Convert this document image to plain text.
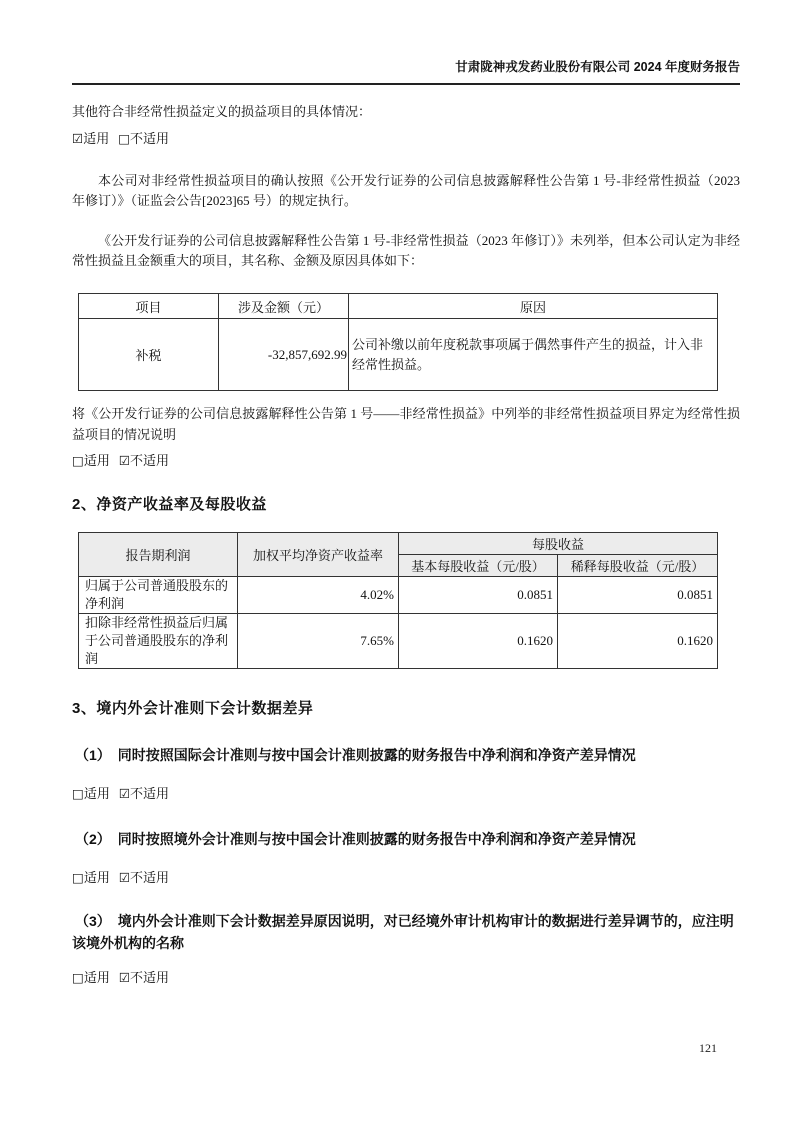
甘肃陇神戎发药业股份有限公司 2024 年度财务报告
其他符合非经常性损益定义的损益项目的具体情况：
☑适用 □不适用
本公司对非经常性损益项目的确认按照《公开发行证券的公司信息披露解释性公告第 1 号-非经常性损益（2023 年修订）》（证监会公告[2023]65 号）的规定执行。
《公开发行证券的公司信息披露解释性公告第 1 号-非经常性损益（2023 年修订）》未列举，但本公司认定为非经常性损益且金额重大的项目，其名称、金额及原因具体如下：
项目	涉及金额（元）	原因
补税	-32,857,692.99	公司补缴以前年度税款事项属于偶然事件产生的损益，计入非经常性损益。
将《公开发行证券的公司信息披露解释性公告第 1 号——非经常性损益》中列举的非经常性损益项目界定为经常性损益项目的情况说明
□适用 ☑不适用
2、净资产收益率及每股收益
报告期利润	加权平均净资产收益率	每股收益	
		基本每股收益（元/股）	稀释每股收益（元/股）
归属于公司普通股股东的净利润	4.02%	0.0851	0.0851
扣除非经常性损益后归属于公司普通股股东的净利润	7.65%	0.1620	0.1620
3、境内外会计准则下会计数据差异
（1）　同时按照国际会计准则与按中国会计准则披露的财务报告中净利润和净资产差异情况
□适用 ☑不适用
（2）　同时按照境外会计准则与按中国会计准则披露的财务报告中净利润和净资产差异情况
□适用 ☑不适用
（3）　境内外会计准则下会计数据差异原因说明，对已经境外审计机构审计的数据进行差异调节的，应注明该境外机构的名称
□适用 ☑不适用
121
